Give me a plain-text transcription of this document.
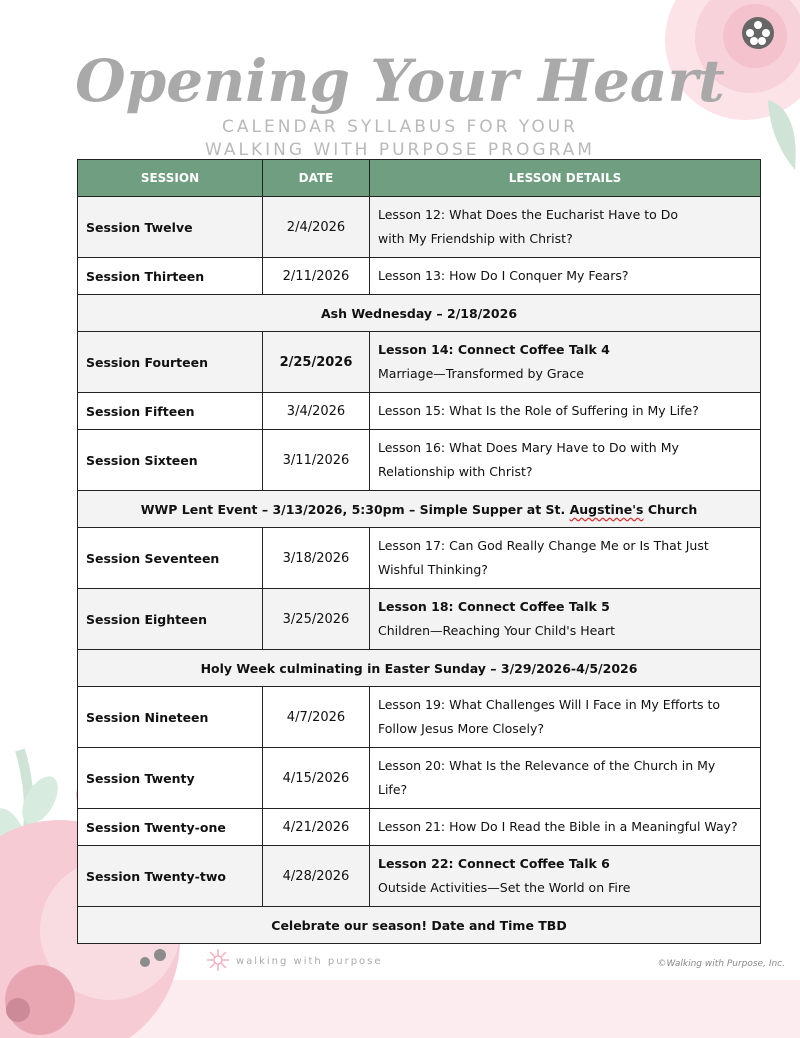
Opening Your Heart
CALENDAR SYLLABUS FOR YOUR
WALKING WITH PURPOSE PROGRAM
SESSION	DATE	LESSON DETAILS
Session Twelve	2/4/2026	Lesson 12: What Does the Eucharist Have to Do
with My Friendship with Christ?

Session Thirteen	2/11/2026	Lesson 13: How Do I Conquer My Fears?

Ash Wednesday – 2/18/2026		
Session Fourteen	2/25/2026	Lesson 14: Connect Coffee Talk 4
Marriage—Transformed by Grace

Session Fifteen	3/4/2026	Lesson 15: What Is the Role of Suffering in My Life?

Session Sixteen	3/11/2026	Lesson 16: What Does Mary Have to Do with My
Relationship with Christ?

WWP Lent Event – 3/13/2026, 5:30pm – Simple Supper at St. Augstine's Church		
Session Seventeen	3/18/2026	Lesson 17: Can God Really Change Me or Is That Just
Wishful Thinking?

Session Eighteen	3/25/2026	Lesson 18: Connect Coffee Talk 5
Children—Reaching Your Child's Heart

Holy Week culminating in Easter Sunday – 3/29/2026-4/5/2026		
Session Nineteen	4/7/2026	Lesson 19: What Challenges Will I Face in My Efforts to
Follow Jesus More Closely?

Session Twenty	4/15/2026	Lesson 20: What Is the Relevance of the Church in My
Life?

Session Twenty-one	4/21/2026	Lesson 21: How Do I Read the Bible in a Meaningful Way?

Session Twenty-two	4/28/2026	Lesson 22: Connect Coffee Talk 6
Outside Activities—Set the World on Fire

Celebrate our season! Date and Time TBD		
walking with purpose	©Walking with Purpose, Inc.
